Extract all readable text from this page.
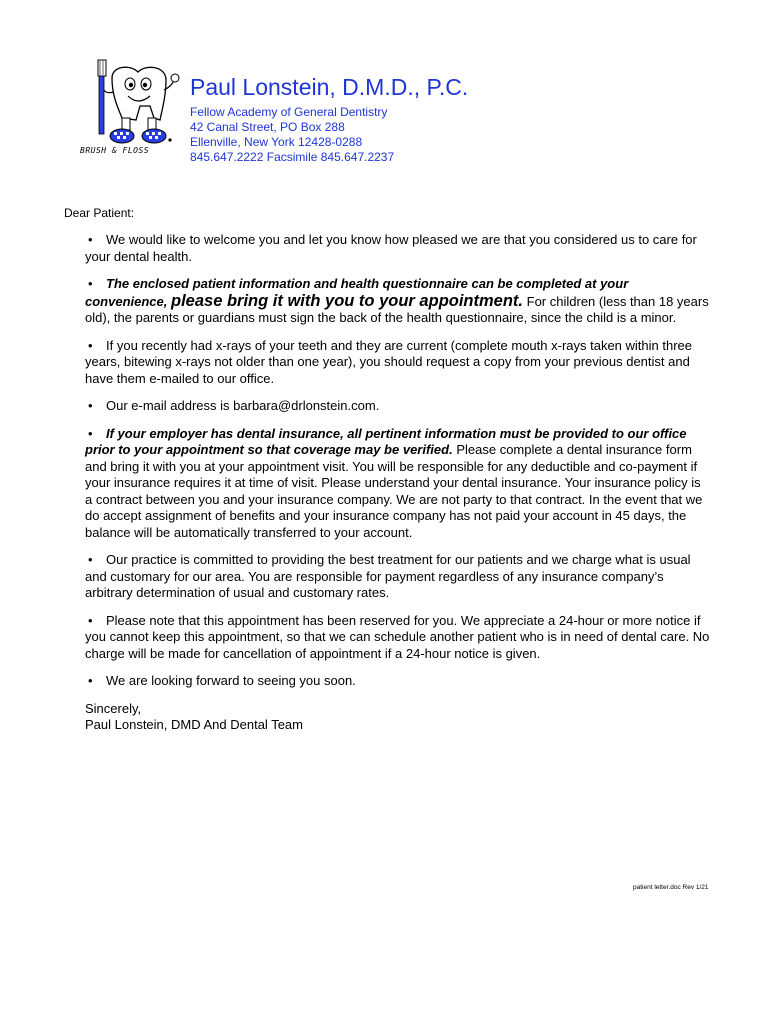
BRUSH & FLOSS
Paul Lonstein, D.M.D., P.C.
Fellow Academy of General Dentistry
42 Canal Street, PO Box 288
Ellenville, New York 12428-0288
845.647.2222 Facsimile 845.647.2237
Dear Patient:

• We would like to welcome you and let you know how pleased we are that you considered us to care for your dental health.

• The enclosed patient information and health questionnaire can be completed at your convenience, please bring it with you to your appointment. For children (less than 18 years old), the parents or guardians must sign the back of the health questionnaire, since the child is a minor.

• If you recently had x-rays of your teeth and they are current (complete mouth x-rays taken within three years, bitewing x-rays not older than one year), you should request a copy from your previous dentist and have them e-mailed to our office.

• Our e-mail address is barbara@drlonstein.com.

• If your employer has dental insurance, all pertinent information must be provided to our office prior to your appointment so that coverage may be verified. Please complete a dental insurance form and bring it with you at your appointment visit. You will be responsible for any deductible and co-payment if your insurance requires it at time of visit. Please understand your dental insurance. Your insurance policy is a contract between you and your insurance company. We are not party to that contract. In the event that we do accept assignment of benefits and your insurance company has not paid your account in 45 days, the balance will be automatically transferred to your account.

• Our practice is committed to providing the best treatment for our patients and we charge what is usual and customary for our area. You are responsible for payment regardless of any insurance company’s arbitrary determination of usual and customary rates.

• Please note that this appointment has been reserved for you. We appreciate a 24-hour or more notice if you cannot keep this appointment, so that we can schedule another patient who is in need of dental care. No charge will be made for cancellation of appointment if a 24-hour notice is given.

• We are looking forward to seeing you soon.

Sincerely,
Paul Lonstein, DMD And Dental Team
patient letter.doc Rev 1/21
